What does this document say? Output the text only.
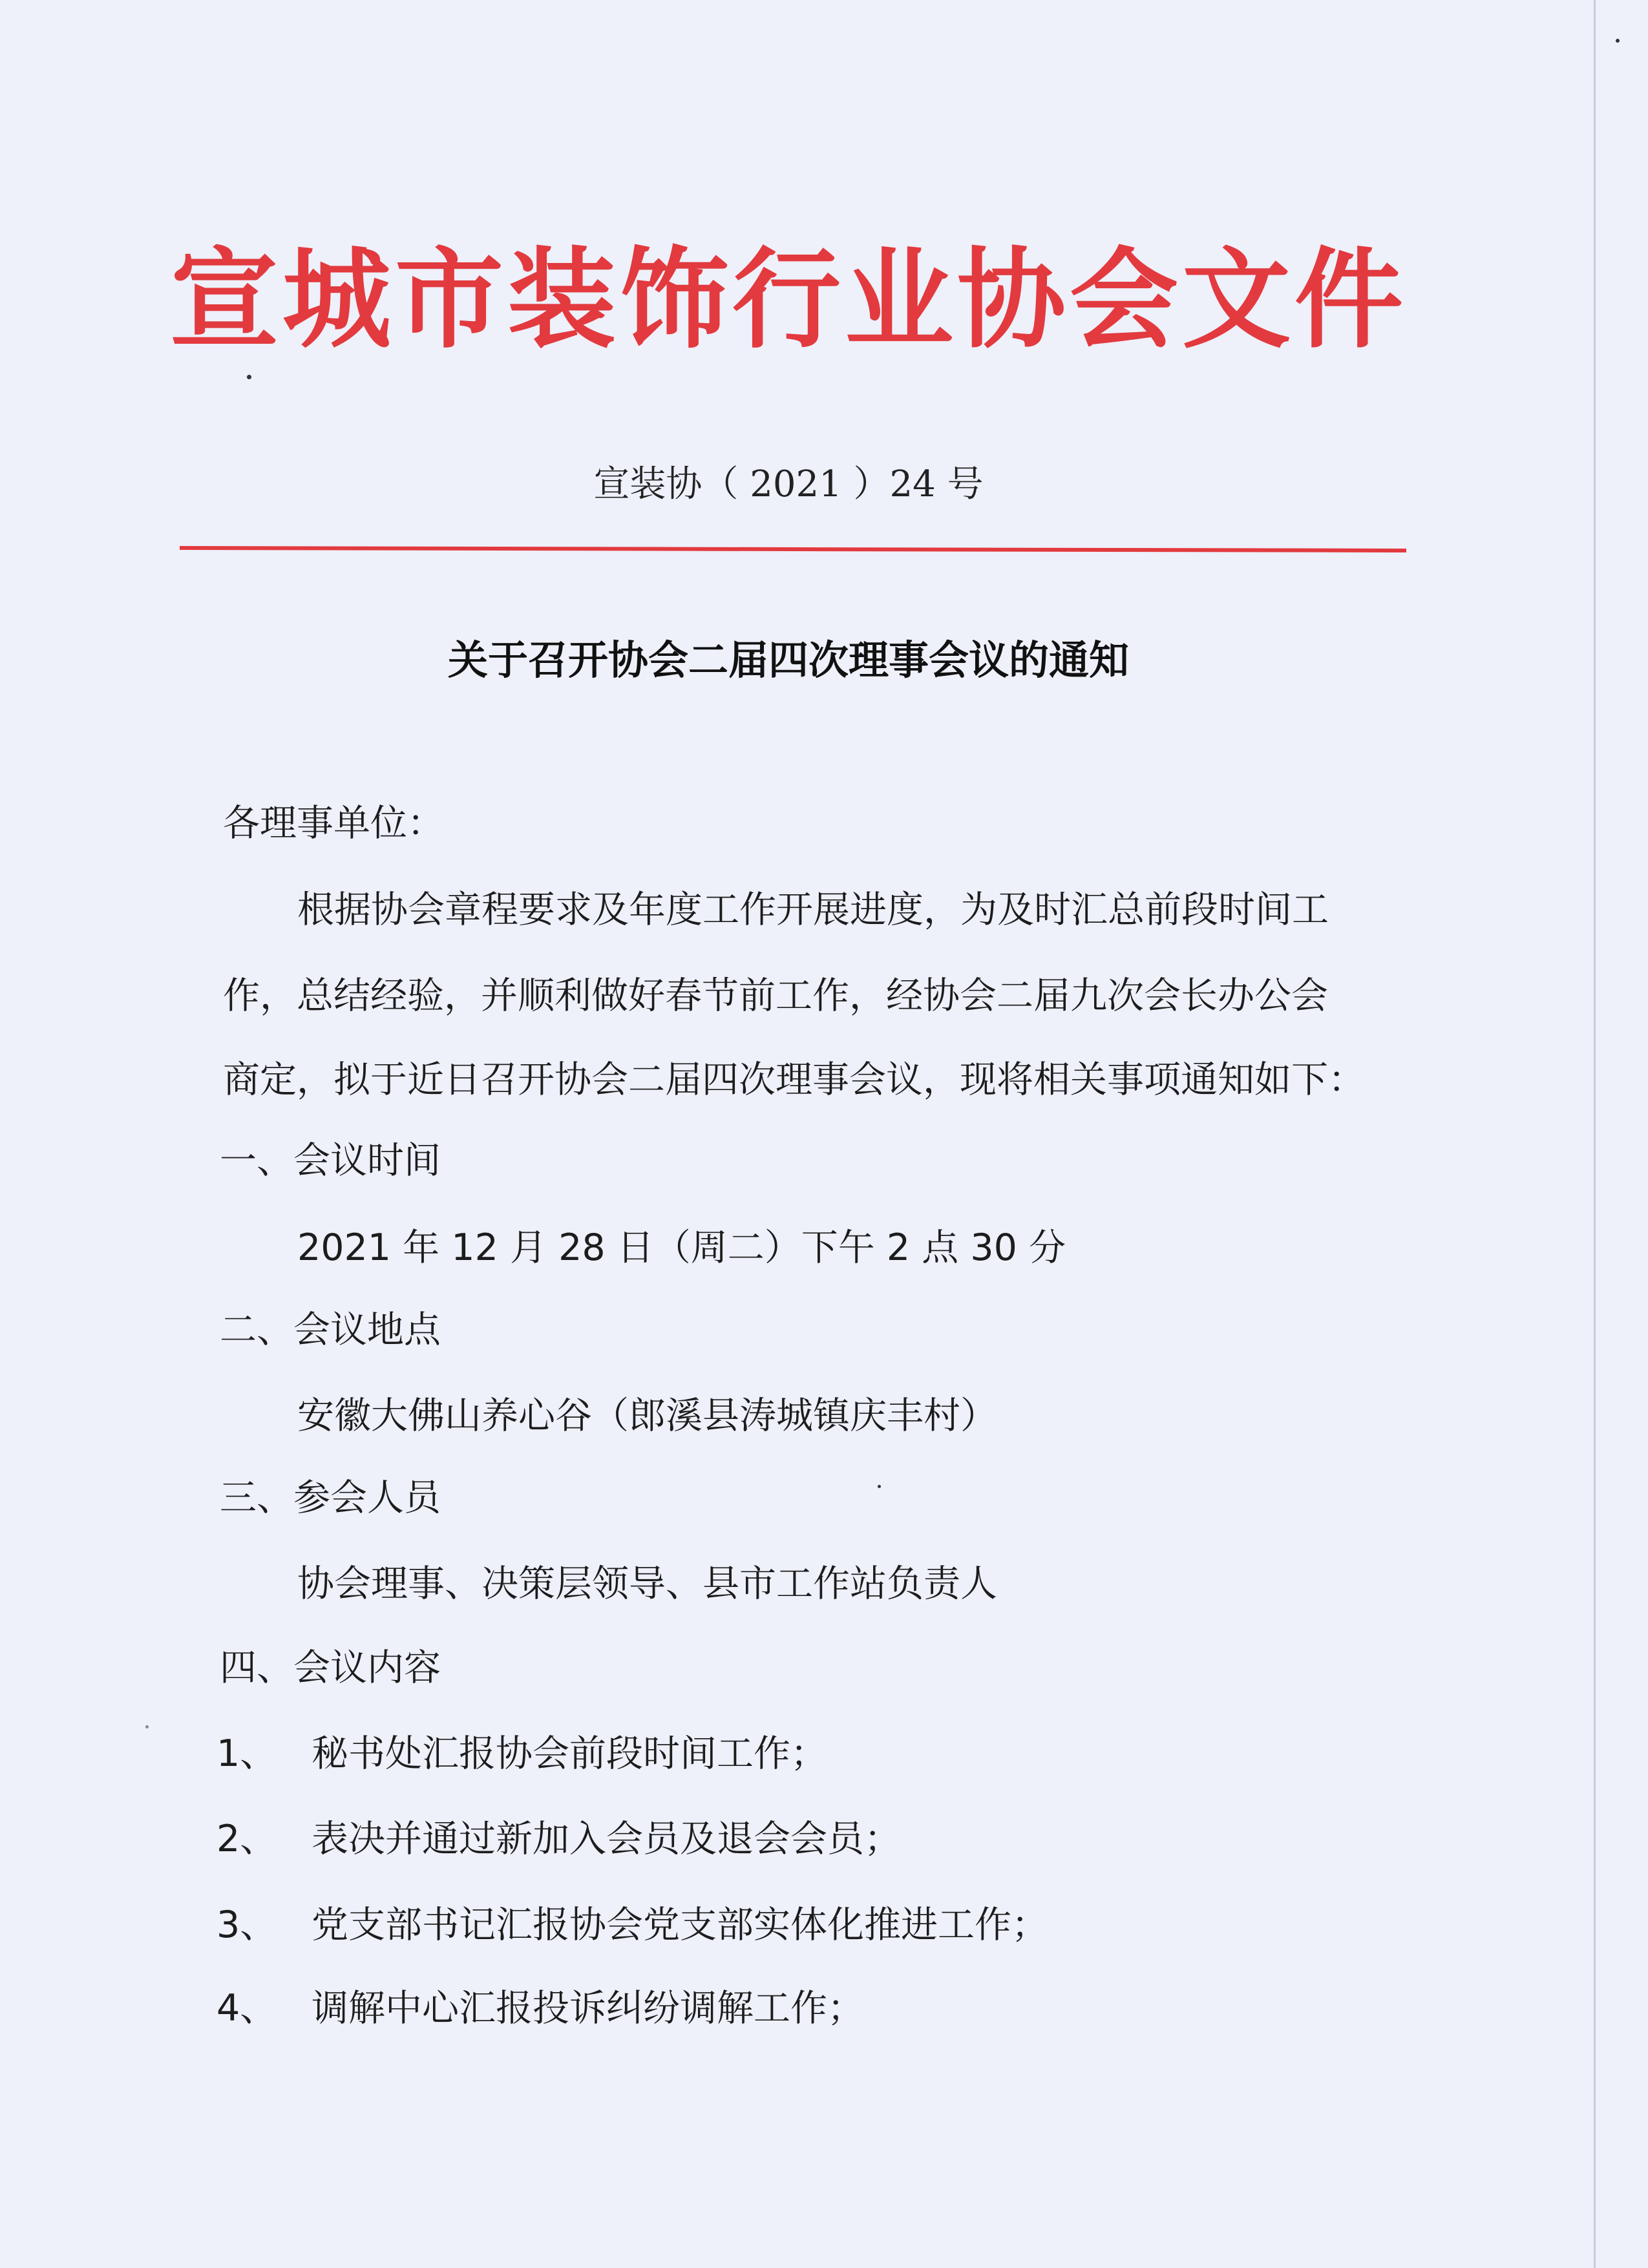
宣城市装饰行业协会文件
宣装协（ 2021 ）24 号
关于召开协会二届四次理事会议的通知
各理事单位：
根据协会章程要求及年度工作开展进度，为及时汇总前段时间工
作，总结经验，并顺利做好春节前工作，经协会二届九次会长办公会
商定，拟于近日召开协会二届四次理事会议，现将相关事项通知如下：
一、会议时间
2021 年 12 月 28 日（周二）下午 2 点 30 分
二、会议地点
安徽大佛山养心谷（郎溪县涛城镇庆丰村）
三、参会人员
协会理事、决策层领导、县市工作站负责人
四、会议内容
1、 秘书处汇报协会前段时间工作；
2、 表决并通过新加入会员及退会会员；
3、 党支部书记汇报协会党支部实体化推进工作；
4、 调解中心汇报投诉纠纷调解工作；
